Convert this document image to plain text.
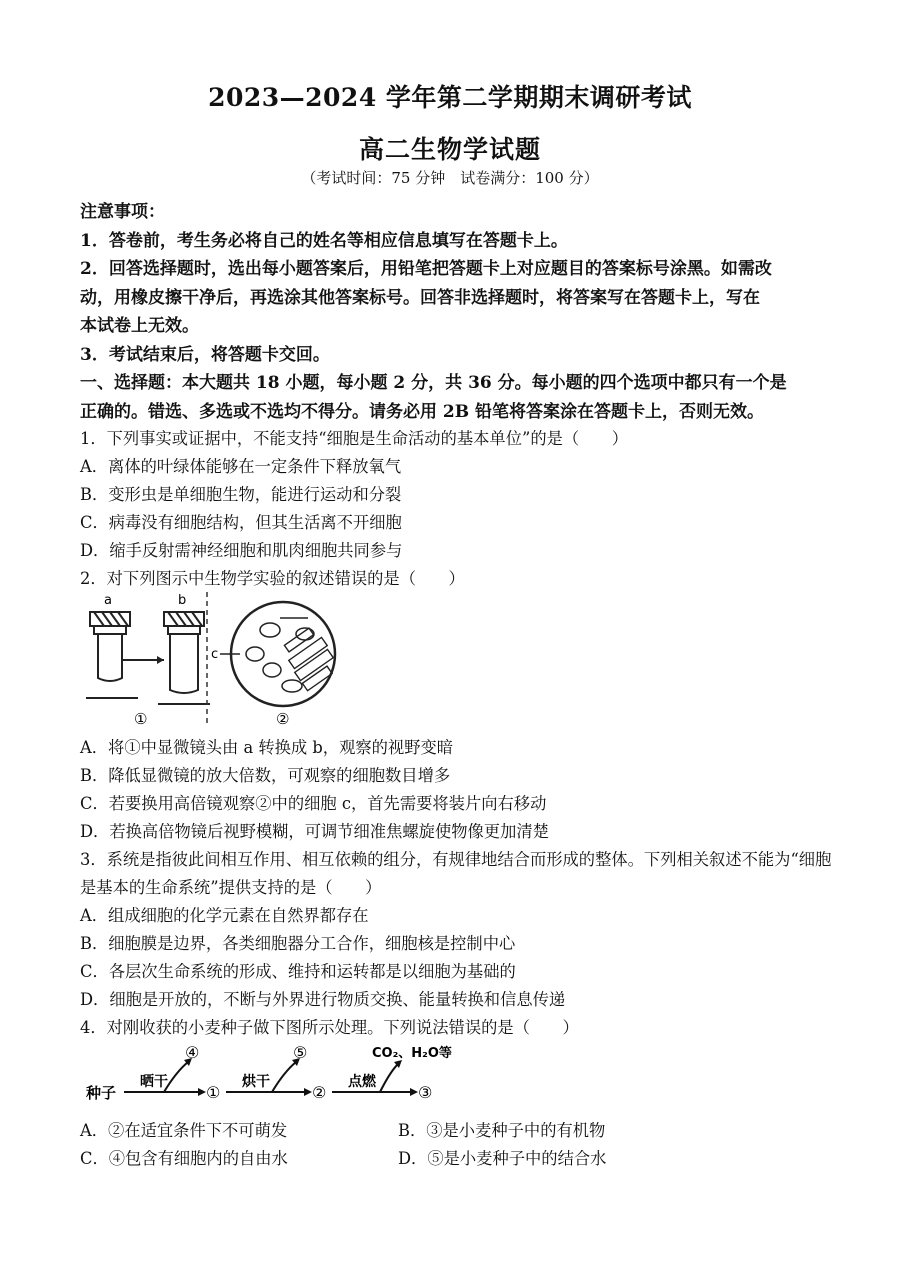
2023—2024 学年第二学期期末调研考试
高二生物学试题
（考试时间：75 分钟　试卷满分：100 分）
注意事项：
1．答卷前，考生务必将自己的姓名等相应信息填写在答题卡上。
2．回答选择题时，选出每小题答案后，用铅笔把答题卡上对应题目的答案标号涂黑。如需改
动，用橡皮擦干净后，再选涂其他答案标号。回答非选择题时，将答案写在答题卡上，写在
本试卷上无效。
3．考试结束后，将答题卡交回。
一、选择题：本大题共 18 小题，每小题 2 分，共 36 分。每小题的四个选项中都只有一个是
正确的。错选、多选或不选均不得分。请务必用 2B 铅笔将答案涂在答题卡上，否则无效。
1．下列事实或证据中，不能支持“细胞是生命活动的基本单位”的是（　　）
A．离体的叶绿体能够在一定条件下释放氧气
B．变形虫是单细胞生物，能进行运动和分裂
C．病毒没有细胞结构，但其生活离不开细胞
D．缩手反射需神经细胞和肌肉细胞共同参与
2．对下列图示中生物学实验的叙述错误的是（　　）
a	b
c
①	②
A．将①中显微镜头由 a 转换成 b，观察的视野变暗
B．降低显微镜的放大倍数，可观察的细胞数目增多
C．若要换用高倍镜观察②中的细胞 c，首先需要将装片向右移动
D．若换高倍物镜后视野模糊，可调节细准焦螺旋使物像更加清楚
3．系统是指彼此间相互作用、相互依赖的组分，有规律地结合而形成的整体。下列相关叙述不能为“细胞
是基本的生命系统”提供支持的是（　　）
A．组成细胞的化学元素在自然界都存在
B．细胞膜是边界，各类细胞器分工合作，细胞核是控制中心
C．各层次生命系统的形成、维持和运转都是以细胞为基础的
D．细胞是开放的，不断与外界进行物质交换、能量转换和信息传递
4．对刚收获的小麦种子做下图所示处理。下列说法错误的是（　　）
种子
晒干
④
①
烘干
⑤
②
点燃
CO₂、H₂O等
③
A．②在适宜条件下不可萌发	B．③是小麦种子中的有机物
C．④包含有细胞内的自由水	D．⑤是小麦种子中的结合水
